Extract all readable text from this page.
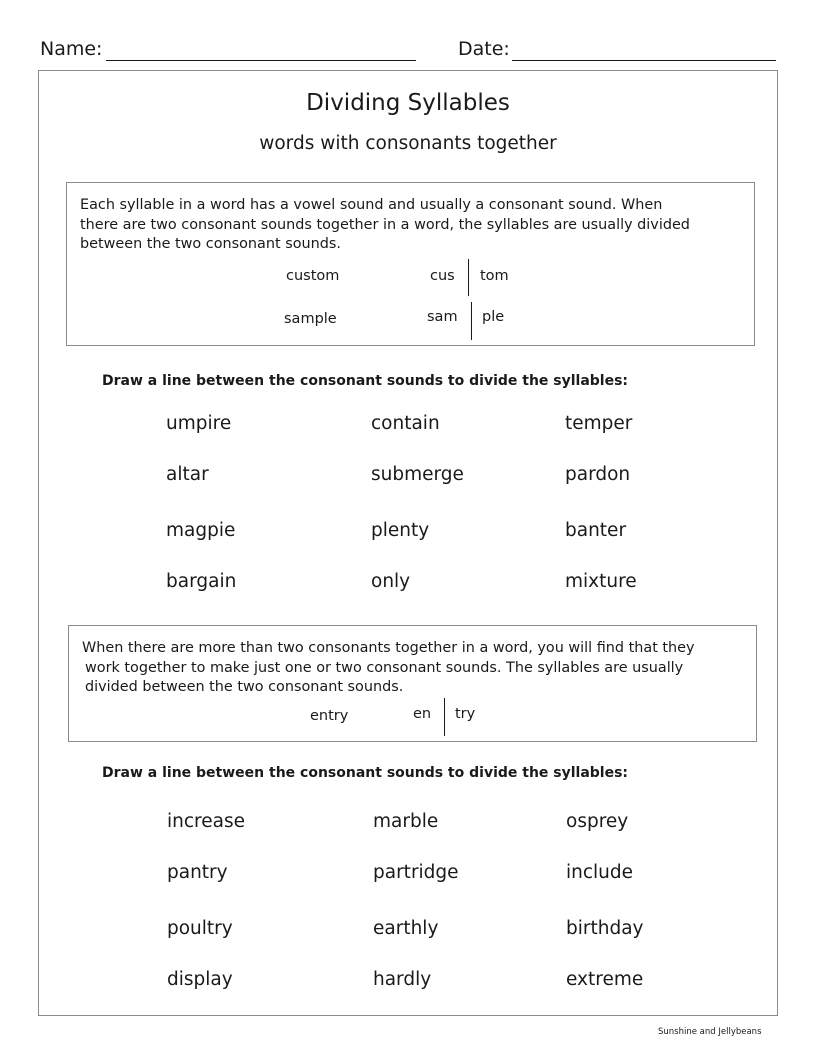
Name:	Date:
Dividing Syllables
words with consonants together
Each syllable in a word has a vowel sound and usually a consonant sound. When
there are two consonant sounds together in a word, the syllables are usually divided
between the two consonant sounds.
custom	cus tom
sample	sam ple
Draw a line between the consonant sounds to divide the syllables:
umpire	contain	temper
altar	submerge	pardon
magpie	plenty	banter
bargain	only	mixture
When there are more than two consonants together in a word, you will find that they
work together to make just one or two consonant sounds. The syllables are usually
divided between the two consonant sounds.
entry	en try
Draw a line between the consonant sounds to divide the syllables:
increase	marble	osprey
pantry	partridge	include
poultry	earthly	birthday
display	hardly	extreme
Sunshine and Jellybeans
